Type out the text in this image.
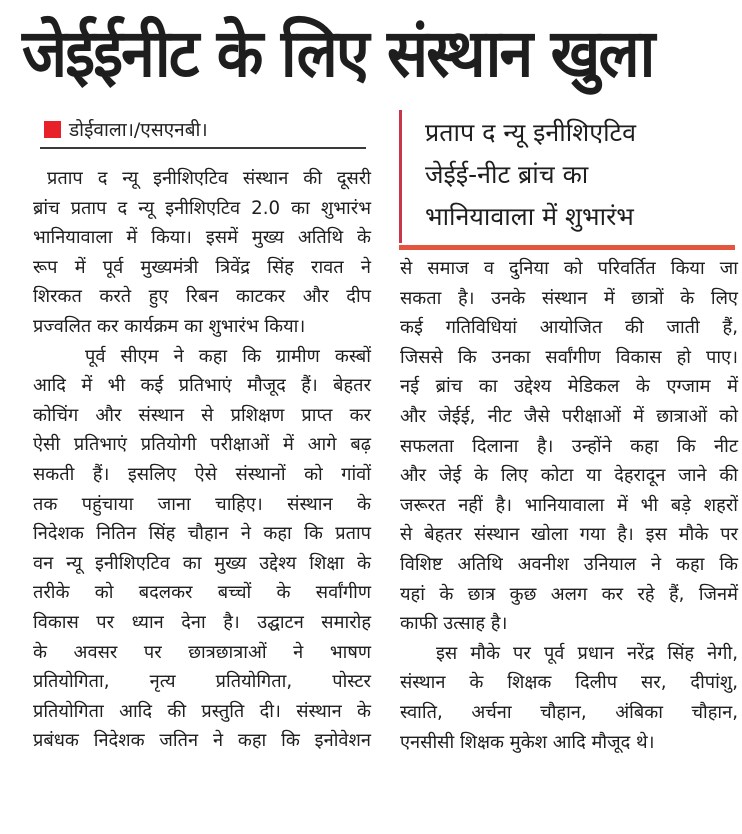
जेईईनीट के लिए संस्थान खुला
डोईवाला।/एसएनबी।
प्रताप द न्यू इनीशिएटिव संस्थान की दूसरी
ब्रांच प्रताप द न्यू इनीशिएटिव 2.0 का शुभारंभ
भानियावाला में किया। इसमें मुख्य अतिथि के
रूप में पूर्व मुख्यमंत्री त्रिवेंद्र सिंह रावत ने
शिरकत करते हुए रिबन काटकर और दीप
प्रज्वलित कर कार्यक्रम का शुभारंभ किया।
पूर्व सीएम ने कहा कि ग्रामीण कस्बों
आदि में भी कई प्रतिभाएं मौजूद हैं। बेहतर
कोचिंग और संस्थान से प्रशिक्षण प्राप्त कर
ऐसी प्रतिभाएं प्रतियोगी परीक्षाओं में आगे बढ़
सकती हैं। इसलिए ऐसे संस्थानों को गांवों
तक पहुंचाया जाना चाहिए। संस्थान के
निदेशक नितिन सिंह चौहान ने कहा कि प्रताप
वन न्यू इनीशिएटिव का मुख्य उद्देश्य शिक्षा के
तरीके को बदलकर बच्चों के सर्वांगीण
विकास पर ध्यान देना है। उद्घाटन समारोह
के अवसर पर छात्रछात्राओं ने भाषण
प्रतियोगिता, नृत्य प्रतियोगिता, पोस्टर
प्रतियोगिता आदि की प्रस्तुति दी। संस्थान के
प्रबंधक निदेशक जतिन ने कहा कि इनोवेशन
प्रताप द न्यू इनीशिएटिव
जेईई-नीट ब्रांच का
भानियावाला में शुभारंभ
से समाज व दुनिया को परिवर्तित किया जा
सकता है। उनके संस्थान में छात्रों के लिए
कई गतिविधियां आयोजित की जाती हैं,
जिससे कि उनका सर्वांगीण विकास हो पाए।
नई ब्रांच का उद्देश्य मेडिकल के एग्जाम में
और जेईई, नीट जैसे परीक्षाओं में छात्राओं को
सफलता दिलाना है। उन्होंने कहा कि नीट
और जेई के लिए कोटा या देहरादून जाने की
जरूरत नहीं है। भानियावाला में भी बड़े शहरों
से बेहतर संस्थान खोला गया है। इस मौके पर
विशिष्ट अतिथि अवनीश उनियाल ने कहा कि
यहां के छात्र कुछ अलग कर रहे हैं, जिनमें
काफी उत्साह है।
इस मौके पर पूर्व प्रधान नरेंद्र सिंह नेगी,
संस्थान के शिक्षक दिलीप सर, दीपांशु,
स्वाति, अर्चना चौहान, अंबिका चौहान,
एनसीसी शिक्षक मुकेश आदि मौजूद थे।
